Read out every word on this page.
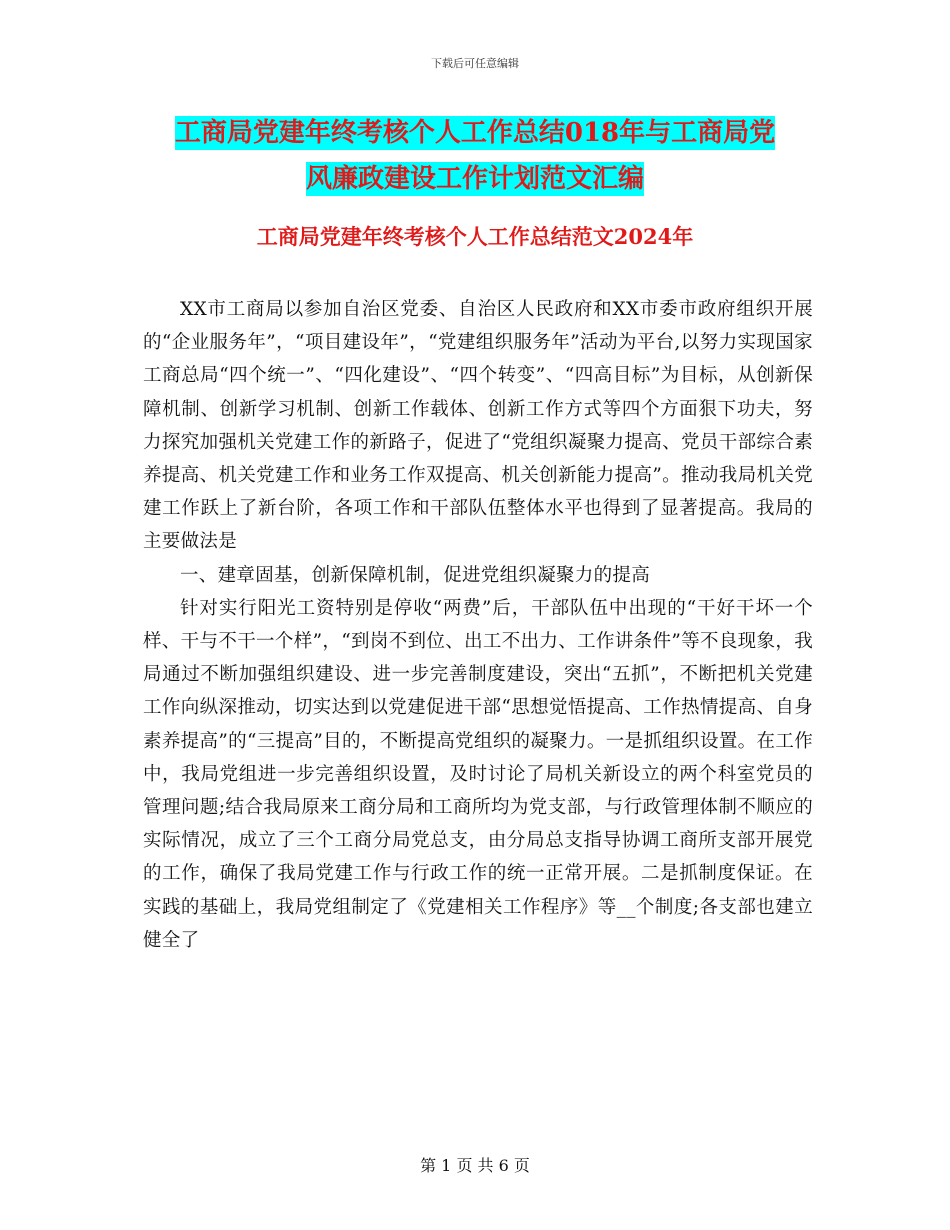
下载后可任意编辑
工商局党建年终考核个人工作总结018年与工商局党
风廉政建设工作计划范文汇编
工商局党建年终考核个人工作总结范文2024年

XX市工商局以参加自治区党委、自治区人民政府和XX市委市政府组织开展的“企业服务年”，“项目建设年”，“党建组织服务年”活动为平台,以努力实现国家工商总局“四个统一”、“四化建设”、“四个转变”、“四高目标”为目标，从创新保障机制、创新学习机制、创新工作载体、创新工作方式等四个方面狠下功夫，努力探究加强机关党建工作的新路子，促进了“党组织凝聚力提高、党员干部综合素养提高、机关党建工作和业务工作双提高、机关创新能力提高”。推动我局机关党建工作跃上了新台阶，各项工作和干部队伍整体水平也得到了显著提高。我局的主要做法是

一、建章固基，创新保障机制，促进党组织凝聚力的提高

针对实行阳光工资特别是停收“两费”后，干部队伍中出现的“干好干坏一个样、干与不干一个样”，“到岗不到位、出工不出力、工作讲条件”等不良现象，我局通过不断加强组织建设、进一步完善制度建设，突出“五抓”，不断把机关党建工作向纵深推动，切实达到以党建促进干部“思想觉悟提高、工作热情提高、自身素养提高”的“三提高”目的，不断提高党组织的凝聚力。一是抓组织设置。在工作中，我局党组进一步完善组织设置，及时讨论了局机关新设立的两个科室党员的管理问题;结合我局原来工商分局和工商所均为党支部，与行政管理体制不顺应的实际情况，成立了三个工商分局党总支，由分局总支指导协调工商所支部开展党的工作，确保了我局党建工作与行政工作的统一正常开展。二是抓制度保证。在实践的基础上，我局党组制定了《党建相关工作程序》等__个制度;各支部也建立健全了

第 1 页 共 6 页
